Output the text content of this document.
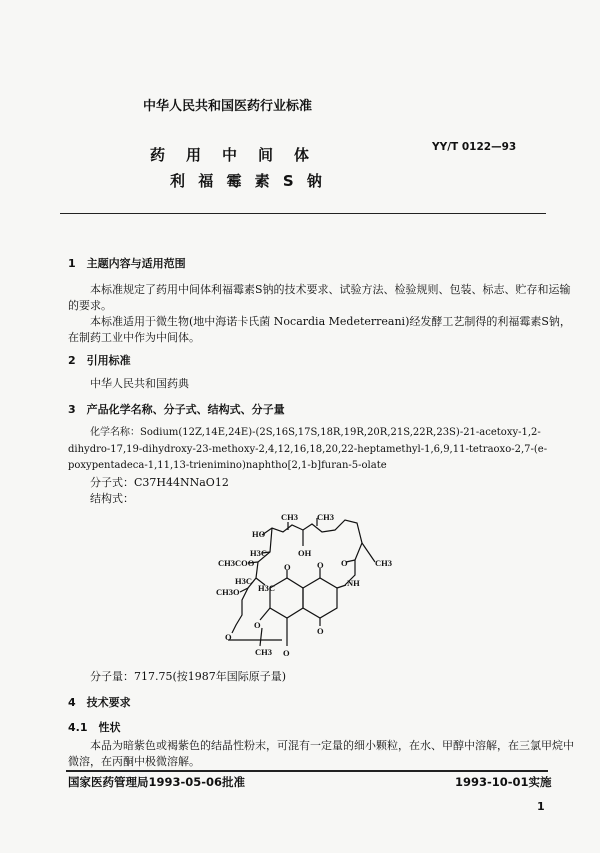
中华人民共和国医药行业标准
YY/T 0122—93
药　用　中　间　体
利 福 霉 素 S 钠
1　主题内容与适用范围
本标准规定了药用中间体利福霉素S钠的技术要求、试验方法、检验规则、包装、标志、贮存和运输
的要求。
本标准适用于微生物(地中海诺卡氏菌 Nocardia Medeterreani)经发酵工艺制得的利福霉素S钠，
在制药工业中作为中间体。
2　引用标准
中华人民共和国药典
3　产品化学名称、分子式、结构式、分子量
化学名称：Sodium(12Z,14E,24E)-(2S,16S,17S,18R,19R,20R,21S,22R,23S)-21-acetoxy-1,2-
dihydro-17,19-dihydroxy-23-methoxy-2,4,12,16,18,20,22-heptamethyl-1,6,9,11-tetraoxo-2,7-(e-
poxypentadeca-1,11,13-trienimino)naphtho[2,1-b]furan-5-olate
分子式：C37H44NNaO12
结构式：
CH3 CH3
HO
OH
H3C
CH3COO	O	CH3
NH
H3C
H3C
CH3O
O	O
O
O
O
CH3 O
分子量：717.75(按1987年国际原子量)
4　技术要求
4.1　性状
本品为暗紫色或褐紫色的结晶性粉末，可混有一定量的细小颗粒，在水、甲醇中溶解，在三氯甲烷中
微溶，在丙酮中极微溶解。
国家医药管理局1993-05-06批准	1993-10-01实施
1
